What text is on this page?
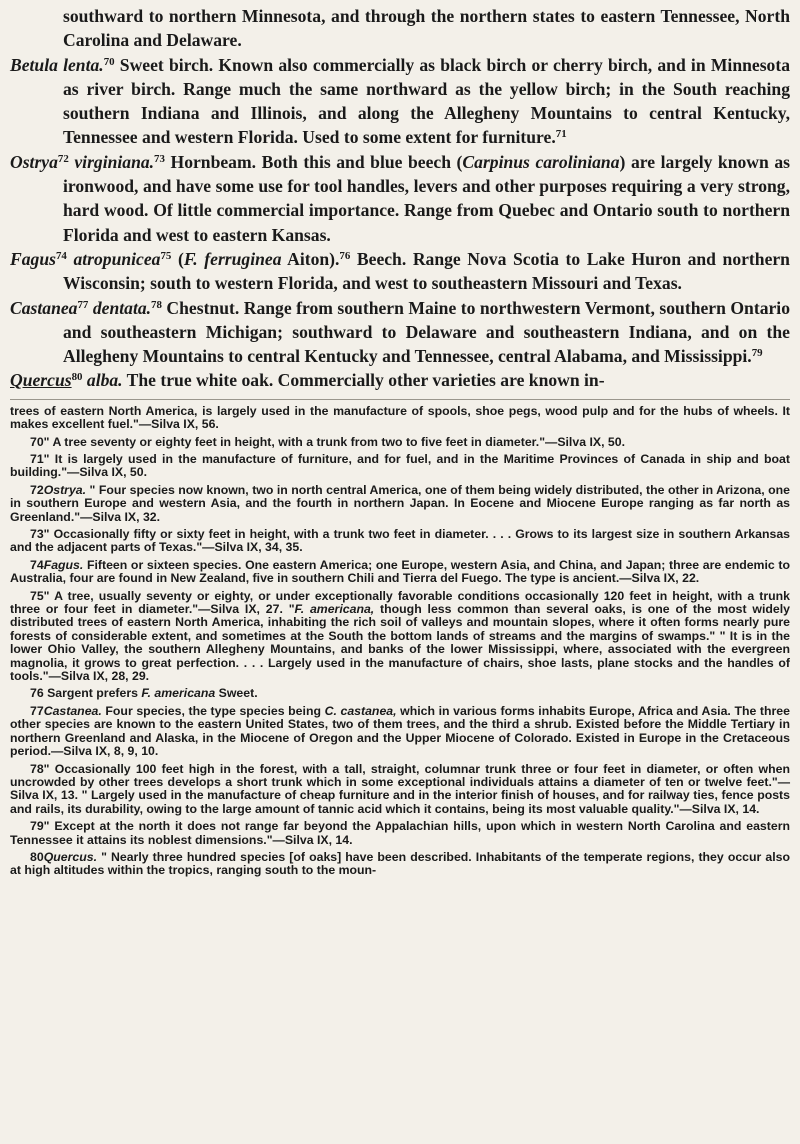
southward to northern Minnesota, and through the northern states to eastern Tennessee, North Carolina and Delaware.

Betula lenta.$^{70}$ Sweet birch. Known also commercially as black birch or cherry birch, and in Minnesota as river birch. Range much the same northward as the yellow birch; in the South reaching southern Indiana and Illinois, and along the Allegheny Mountains to central Kentucky, Tennessee and western Florida. Used to some extent for furniture.$^{71}$

Ostrya$^{72}$ virginiana.$^{73}$ Hornbeam. Both this and blue beech (Carpinus caroliniana) are largely known as ironwood, and have some use for tool handles, levers and other purposes requiring a very strong, hard wood. Of little commercial importance. Range from Quebec and Ontario south to northern Florida and west to eastern Kansas.

Fagus$^{74}$ atropunicea$^{75}$ (F. ferruginea Aiton).$^{76}$ Beech. Range Nova Scotia to Lake Huron and northern Wisconsin; south to western Florida, and west to southeastern Missouri and Texas.

Castanea$^{77}$ dentata.$^{78}$ Chestnut. Range from southern Maine to northwestern Vermont, southern Ontario and southeastern Michigan; southward to Delaware and southeastern Indiana, and on the Allegheny Mountains to central Kentucky and Tennessee, central Alabama, and Mississippi.$^{79}$

Quercus$^{80}$ alba. The true white oak. Commercially other varieties are known in-

trees of eastern North America, is largely used in the manufacture of spools, shoe pegs, wood pulp and for the hubs of wheels. It makes excellent fuel."—Silva IX, 56.

70" A tree seventy or eighty feet in height, with a trunk from two to five feet in diameter."—Silva IX, 50.

71" It is largely used in the manufacture of furniture, and for fuel, and in the Maritime Provinces of Canada in ship and boat building."—Silva IX, 50.

72Ostrya. " Four species now known, two in north central America, one of them being widely distributed, the other in Arizona, one in southern Europe and western Asia, and the fourth in northern Japan. In Eocene and Miocene Europe ranging as far north as Greenland."—Silva IX, 32.

73" Occasionally fifty or sixty feet in height, with a trunk two feet in diameter. . . . Grows to its largest size in southern Arkansas and the adjacent parts of Texas."—Silva IX, 34, 35.

74Fagus. Fifteen or sixteen species. One eastern America; one Europe, western Asia, and China, and Japan; three are endemic to Australia, four are found in New Zealand, five in southern Chili and Tierra del Fuego. The type is ancient.—Silva IX, 22.

75" A tree, usually seventy or eighty, or under exceptionally favorable conditions occasionally 120 feet in height, with a trunk three or four feet in diameter."—Silva IX, 27. "F. americana, though less common than several oaks, is one of the most widely distributed trees of eastern North America, inhabiting the rich soil of valleys and mountain slopes, where it often forms nearly pure forests of considerable extent, and sometimes at the South the bottom lands of streams and the margins of swamps." " It is in the lower Ohio Valley, the southern Allegheny Mountains, and banks of the lower Mississippi, where, associated with the evergreen magnolia, it grows to great perfection. . . . Largely used in the manufacture of chairs, shoe lasts, plane stocks and the handles of tools."—Silva IX, 28, 29.

76 Sargent prefers F. americana Sweet.

77Castanea. Four species, the type species being C. castanea, which in various forms inhabits Europe, Africa and Asia. The three other species are known to the eastern United States, two of them trees, and the third a shrub. Existed before the Middle Tertiary in northern Greenland and Alaska, in the Miocene of Oregon and the Upper Miocene of Colorado. Existed in Europe in the Cretaceous period.—Silva IX, 8, 9, 10.

78" Occasionally 100 feet high in the forest, with a tall, straight, columnar trunk three or four feet in diameter, or often when uncrowded by other trees develops a short trunk which in some exceptional individuals attains a diameter of ten or twelve feet."—Silva IX, 13. " Largely used in the manufacture of cheap furniture and in the interior finish of houses, and for railway ties, fence posts and rails, its durability, owing to the large amount of tannic acid which it contains, being its most valuable quality."—Silva IX, 14.

79" Except at the north it does not range far beyond the Appalachian hills, upon which in western North Carolina and eastern Tennessee it attains its noblest dimensions."—Silva IX, 14.

80Quercus. " Nearly three hundred species [of oaks] have been described. Inhabitants of the temperate regions, they occur also at high altitudes within the tropics, ranging south to the moun-
